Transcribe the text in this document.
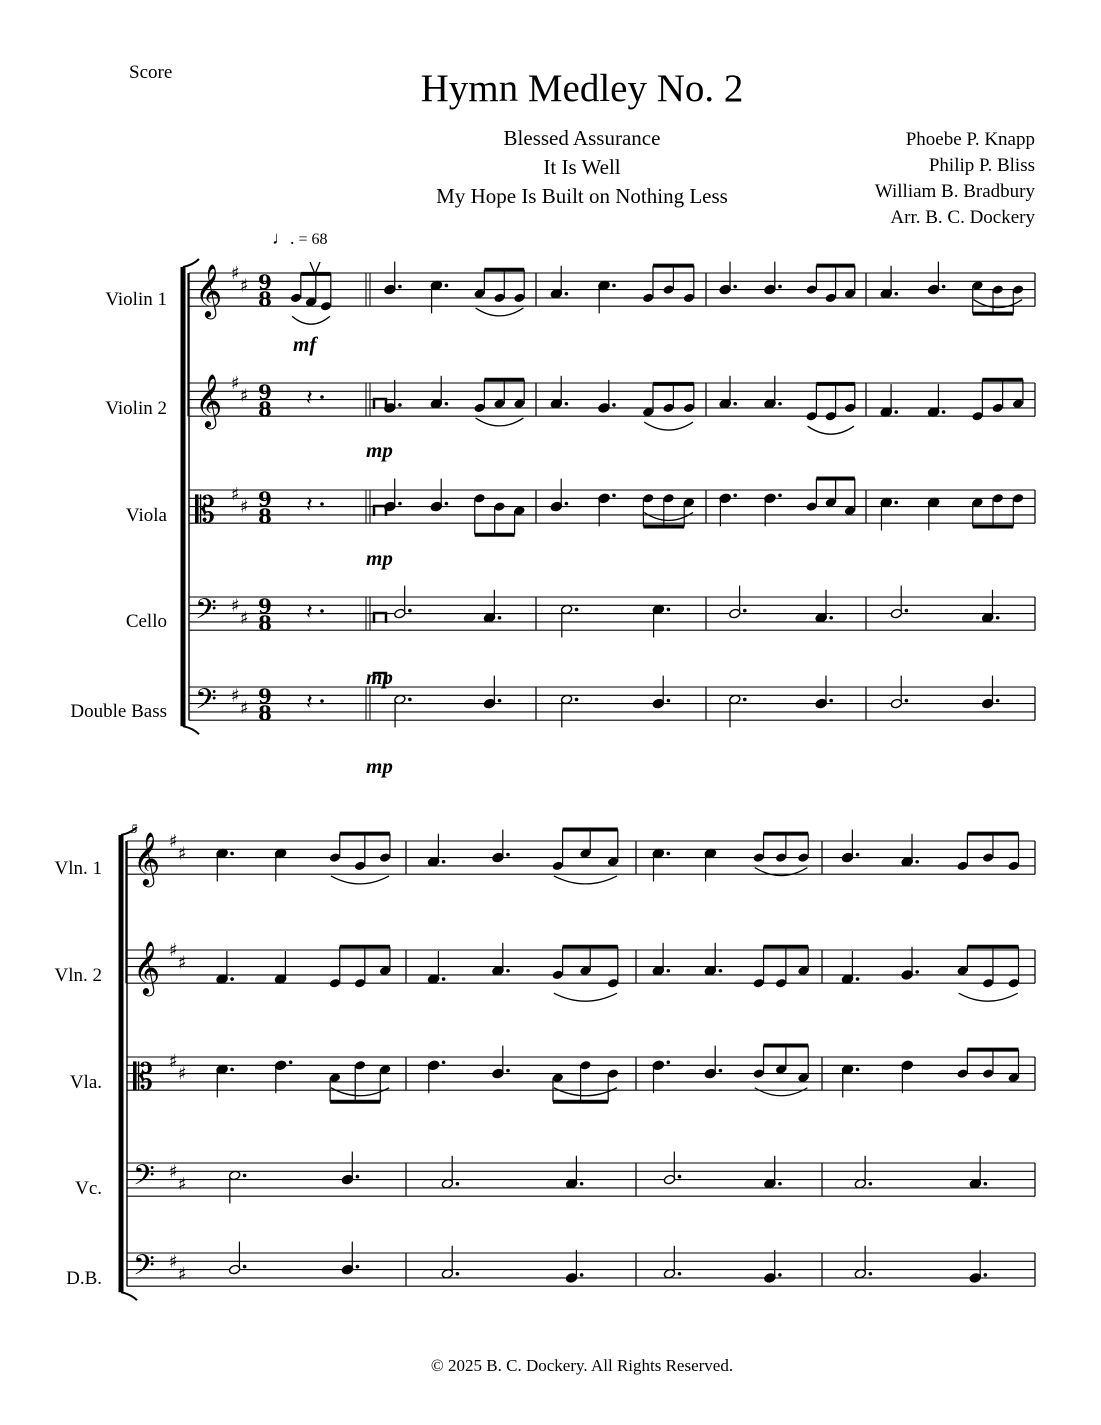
Score	Hymn Medley No. 2
Blessed Assurance
It Is Well
My Hope Is Built on Nothing Less
Phoebe P. Knapp
Philip P. Bliss
William B. Bradbury
Arr. B. C. Dockery
♩. = 68
Violin 1
Violin 2
Viola
Cello
Double Bass
Vln. 1
Vln. 2
Vla.
Vc.
D.B.
5
𝄞 ♯
♯ 9
8
𝄞 ♯
♯ 9
8
𝄡 ♯
♯ 9
8
𝄢 ♯
♯
9
8
𝄢 ♯
♯
9
8
𝄽
𝄽
𝄽
𝄽
𝄞 ♯
♯
𝄞 ♯
♯
𝄡 ♯
♯
𝄢 ♯
♯
𝄢 ♯
♯
mf
mp
mp
mp
mp
© 2025 B. C. Dockery. All Rights Reserved.
